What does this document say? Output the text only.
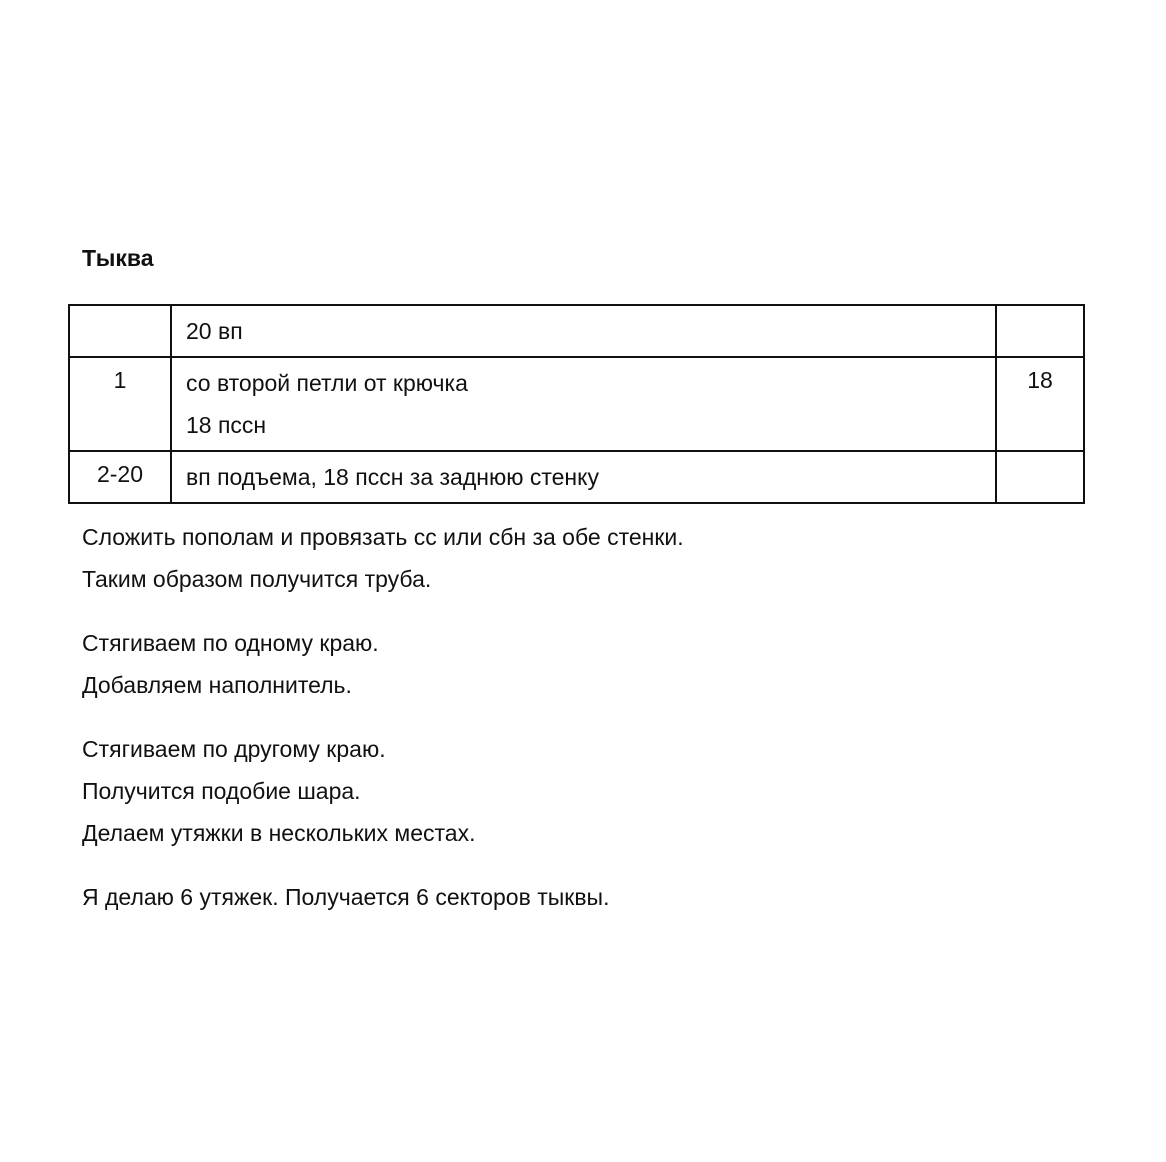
Тыква

	20 вп	

1	со второй петли от крючка
18 пссн	18
2-20	вп подъема, 18 пссн за заднюю стенку	

Сложить пополам и провязать сс или сбн за обе стенки.
Таким образом получится труба.
Стягиваем по одному краю.
Добавляем наполнитель.
Стягиваем по другому краю.
Получится подобие шара.
Делаем утяжки в нескольких местах.
Я делаю 6 утяжек. Получается 6 секторов тыквы.
